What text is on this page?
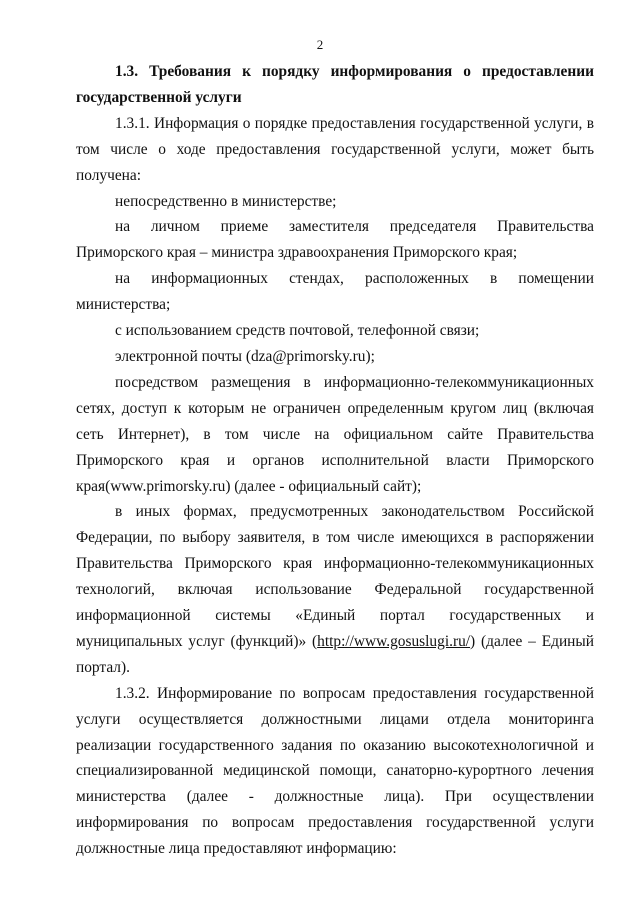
2

1.3. Требования к порядку информирования о предоставлении государственной услуги

1.3.1. Информация о порядке предоставления государственной услуги, в том числе о ходе предоставления государственной услуги, может быть получена:

непосредственно в министерстве;

на личном приеме заместителя председателя Правительства Приморского края – министра здравоохранения Приморского края;

на информационных стендах, расположенных в помещении министерства;

с использованием средств почтовой, телефонной связи;

электронной почты (dza@primorsky.ru);

посредством размещения в информационно-телекоммуникационных сетях, доступ к которым не ограничен определенным кругом лиц (включая сеть Интернет), в том числе на официальном сайте Правительства Приморского края и органов исполнительной власти Приморского края(www.primorsky.ru) (далее - официальный сайт);

в иных формах, предусмотренных законодательством Российской Федерации, по выбору заявителя, в том числе имеющихся в распоряжении Правительства Приморского края информационно-телекоммуникационных технологий, включая использование Федеральной государственной информационной системы «Единый портал государственных и муниципальных услуг (функций)» (http://www.gosuslugi.ru/) (далее – Единый портал).

1.3.2. Информирование по вопросам предоставления государственной услуги осуществляется должностными лицами отдела мониторинга реализации государственного задания по оказанию высокотехнологичной и специализированной медицинской помощи, санаторно-курортного лечения министерства (далее - должностные лица). При осуществлении информирования по вопросам предоставления государственной услуги должностные лица предоставляют информацию:
